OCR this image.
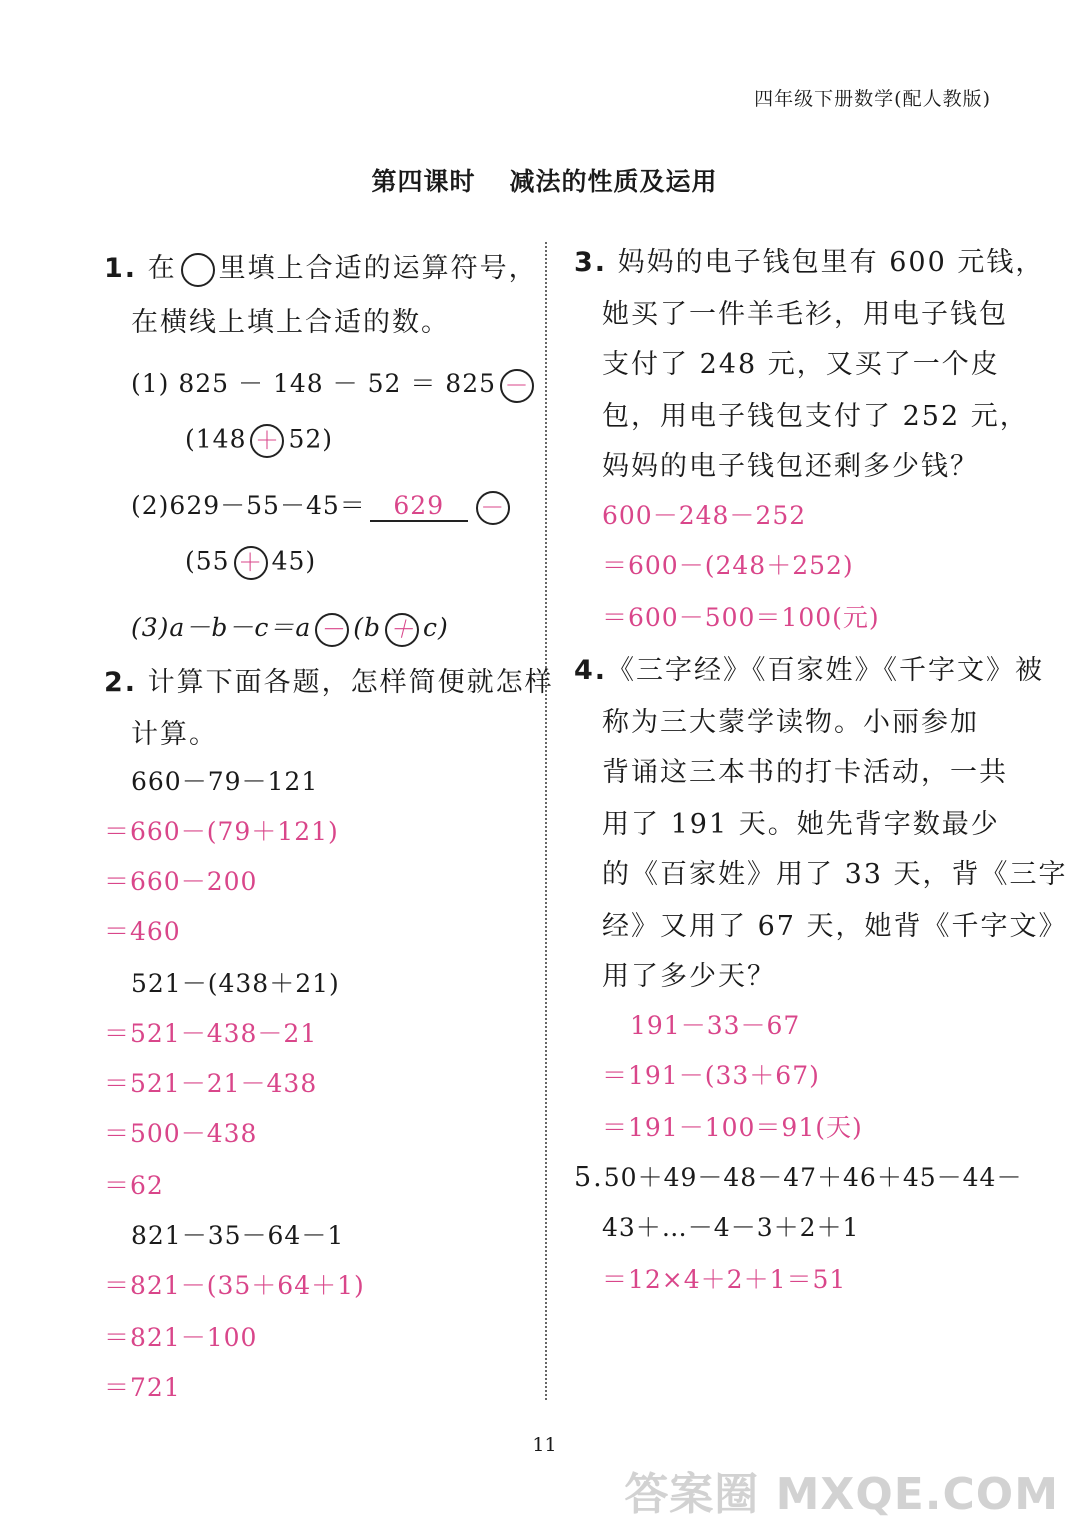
四年级下册数学(配人教版)
第四课时 减法的性质及运用
1. 在 里填上合适的运算符号，
在横线上填上合适的数。
(1) 825 － 148 － 52 ＝ 825 －
(148 ＋ 52)
(2)629－55－45＝ 629 －
(55 ＋ 45)
(3)a－b－c＝a － (b ＋ c)
2. 计算下面各题，怎样简便就怎样
计算。
660－79－121
＝660－(79＋121)
＝660－200
＝460
521－(438＋21)
＝521－438－21
＝521－21－438
＝500－438
＝62
821－35－64－1
＝821－(35＋64＋1)
＝821－100
＝721
3. 妈妈的电子钱包里有 600 元钱，
她买了一件羊毛衫，用电子钱包
支付了 248 元，又买了一个皮
包，用电子钱包支付了 252 元，
妈妈的电子钱包还剩多少钱？
600－248－252
＝600－(248＋252)
＝600－500＝100(元)
4.《三字经》《百家姓》《千字文》被
称为三大蒙学读物。小丽参加
背诵这三本书的打卡活动，一共
用了 191 天。她先背字数最少
的《百家姓》用了 33 天，背《三字
经》又用了 67 天，她背《千字文》
用了多少天？
191－33－67
＝191－(33＋67)
＝191－100＝91(天)
5.50＋49－48－47＋46＋45－44－
43＋…－4－3＋2＋1
＝12×4＋2＋1＝51
11
答案圈 MXQE.COM
